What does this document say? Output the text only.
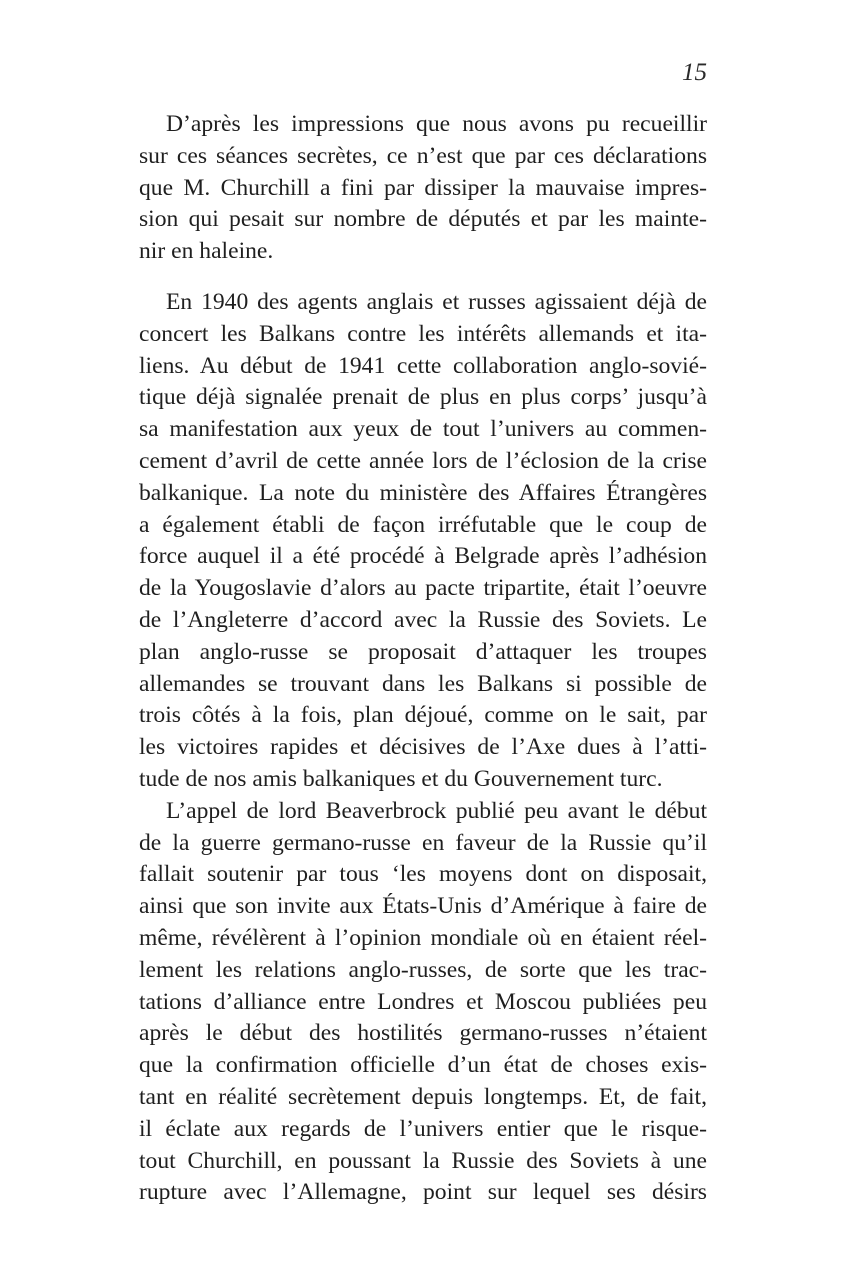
15
D’après les impressions que nous avons pu recueillir
sur ces séances secrètes, ce n’est que par ces déclarations
que M. Churchill a fini par dissiper la mauvaise impres-
sion qui pesait sur nombre de députés et par les mainte-
nir en haleine.
En 1940 des agents anglais et russes agissaient déjà de
concert les Balkans contre les intérêts allemands et ita-
liens. Au début de 1941 cette collaboration anglo-sovié-
tique déjà signalée prenait de plus en plus corps’ jusqu’à
sa manifestation aux yeux de tout l’univers au commen-
cement d’avril de cette année lors de l’éclosion de la crise
balkanique. La note du ministère des Affaires Étrangères
a également établi de façon irréfutable que le coup de
force auquel il a été procédé à Belgrade après l’adhésion
de la Yougoslavie d’alors au pacte tripartite, était l’oeuvre
de l’Angleterre d’accord avec la Russie des Soviets. Le
plan anglo-russe se proposait d’attaquer les troupes
allemandes se trouvant dans les Balkans si possible de
trois côtés à la fois, plan déjoué, comme on le sait, par
les victoires rapides et décisives de l’Axe dues à l’atti-
tude de nos amis balkaniques et du Gouvernement turc.
L’appel de lord Beaverbrock publié peu avant le début
de la guerre germano-russe en faveur de la Russie qu’il
fallait soutenir par tous ‘les moyens dont on disposait,
ainsi que son invite aux États-Unis d’Amérique à faire de
même, révélèrent à l’opinion mondiale où en étaient réel-
lement les relations anglo-russes, de sorte que les trac-
tations d’alliance entre Londres et Moscou publiées peu
après le début des hostilités germano-russes n’étaient
que la confirmation officielle d’un état de choses exis-
tant en réalité secrètement depuis longtemps. Et, de fait,
il éclate aux regards de l’univers entier que le risque-
tout Churchill, en poussant la Russie des Soviets à une
rupture avec l’Allemagne, point sur lequel ses désirs
